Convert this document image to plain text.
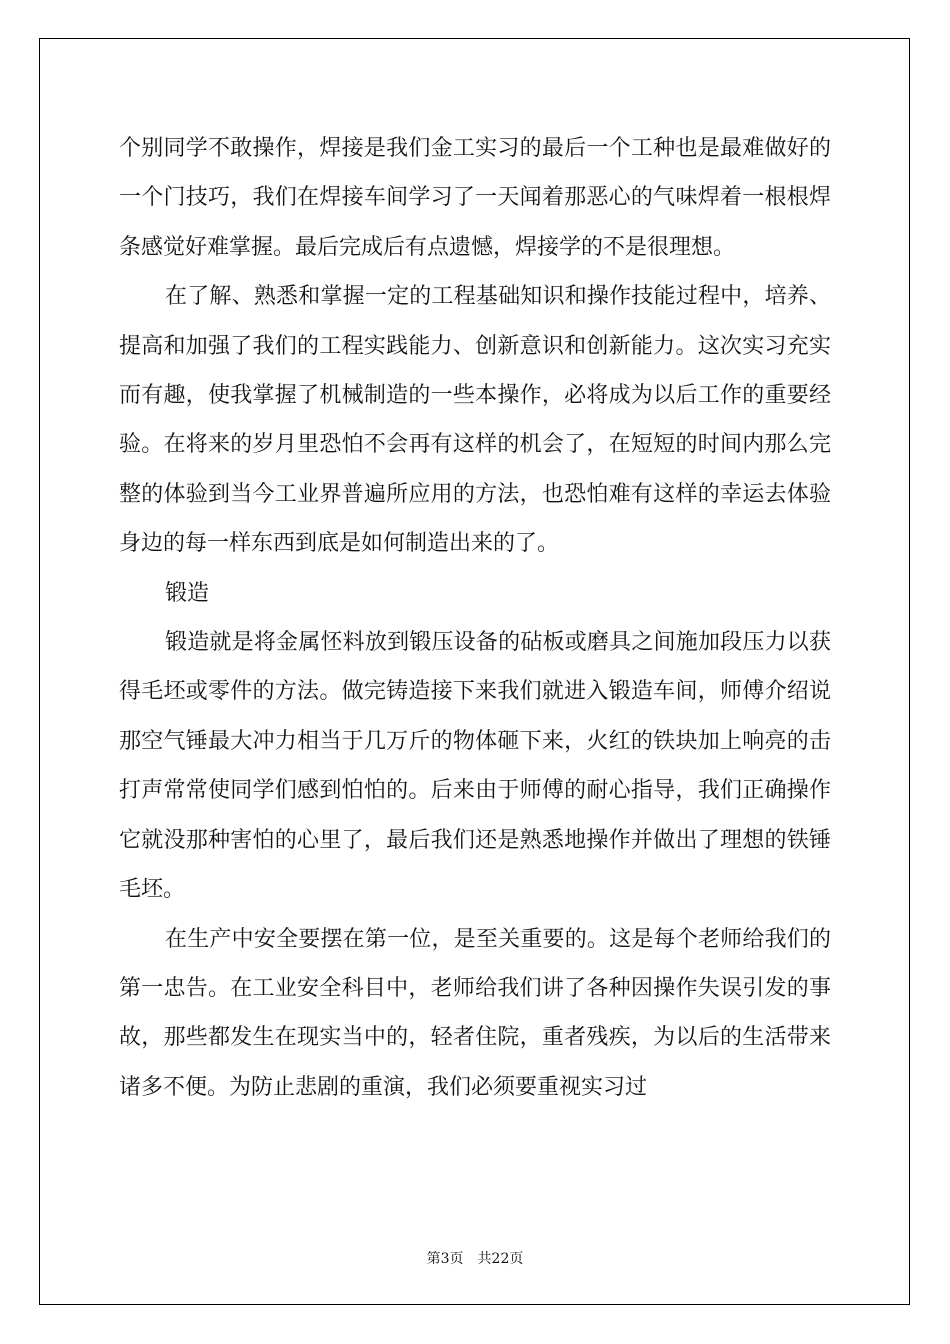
个别同学不敢操作，焊接是我们金工实习的最后一个工种也是最难做好的一个门技巧，我们在焊接车间学习了一天闻着那恶心的气味焊着一根根焊条感觉好难掌握。最后完成后有点遗憾，焊接学的不是很理想。

在了解、熟悉和掌握一定的工程基础知识和操作技能过程中，培养、提高和加强了我们的工程实践能力、创新意识和创新能力。这次实习充实而有趣，使我掌握了机械制造的一些本操作，必将成为以后工作的重要经验。在将来的岁月里恐怕不会再有这样的机会了，在短短的时间内那么完整的体验到当今工业界普遍所应用的方法，也恐怕难有这样的幸运去体验身边的每一样东西到底是如何制造出来的了。

锻造

锻造就是将金属怌料放到锻压设备的砧板或磨具之间施加段压力以获得毛坯或零件的方法。做完铸造接下来我们就进入锻造车间，师傅介绍说那空气锤最大冲力相当于几万斤的物体砸下来，火红的铁块加上响亮的击打声常常使同学们感到怕怕的。后来由于师傅的耐心指导，我们正确操作它就没那种害怕的心里了，最后我们还是熟悉地操作并做出了理想的铁锤毛坯。

在生产中安全要摆在第一位，是至关重要的。这是每个老师给我们的第一忠告。在工业安全科目中，老师给我们讲了各种因操作失误引发的事故，那些都发生在现实当中的，轻者住院，重者残疾，为以后的生活带来诸多不便。为防止悲剧的重演，我们必须要重视实习过

第3页 共22页
